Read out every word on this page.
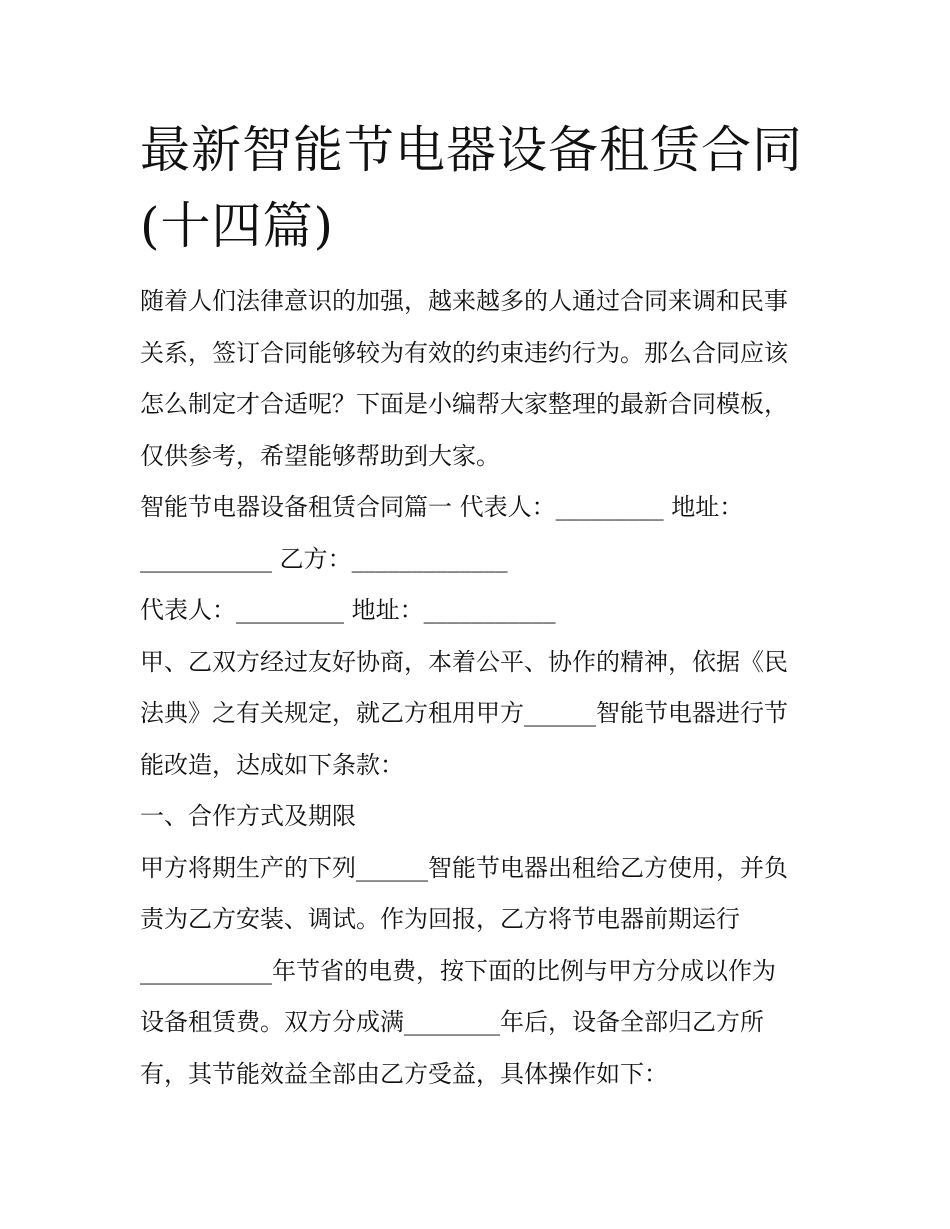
最新智能节电器设备租赁合同
(十四篇)
随着人们法律意识的加强，越来越多的人通过合同来调和民事
关系，签订合同能够较为有效的约束违约行为。那么合同应该
怎么制定才合适呢？下面是小编帮大家整理的最新合同模板，
仅供参考，希望能够帮助到大家。
智能节电器设备租赁合同篇一 代表人：_________ 地址：
___________ 乙方：_____________
代表人：_________ 地址：___________
甲、乙双方经过友好协商，本着公平、协作的精神，依据《民
法典》之有关规定，就乙方租用甲方______智能节电器进行节
能改造，达成如下条款：
一、合作方式及期限
甲方将期生产的下列______智能节电器出租给乙方使用，并负
责为乙方安装、调试。作为回报，乙方将节电器前期运行
___________年节省的电费，按下面的比例与甲方分成以作为
设备租赁费。双方分成满________年后，设备全部归乙方所
有，其节能效益全部由乙方受益，具体操作如下：
